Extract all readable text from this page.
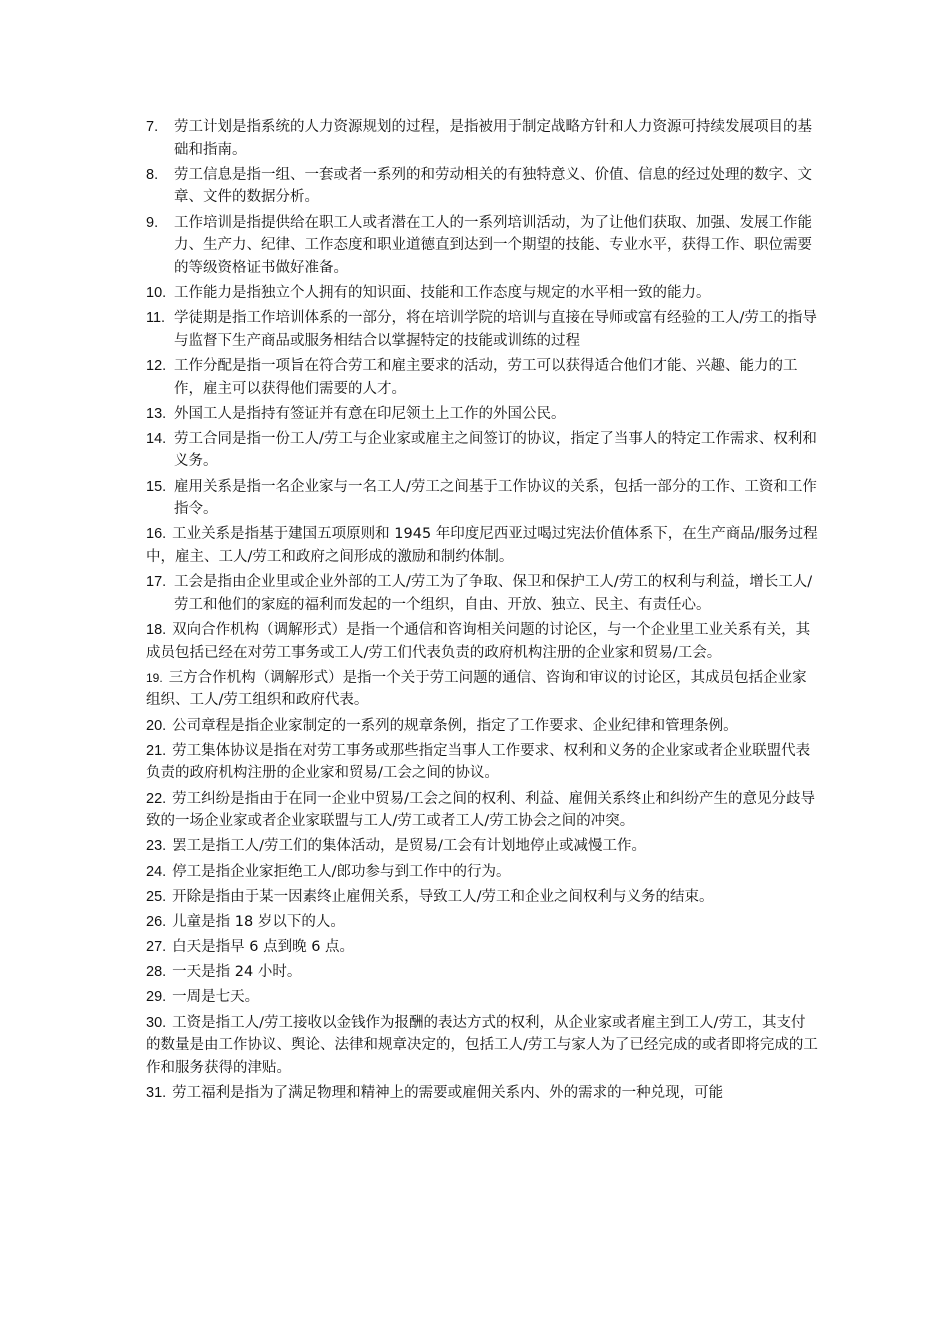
7. 劳工计划是指系统的人力资源规划的过程，是指被用于制定战略方针和人力资源可持续发展项目的基础和指南。

8. 劳工信息是指一组、一套或者一系列的和劳动相关的有独特意义、价值、信息的经过处理的数字、文章、文件的数据分析。

9. 工作培训是指提供给在职工人或者潜在工人的一系列培训活动，为了让他们获取、加强、发展工作能力、生产力、纪律、工作态度和职业道德直到达到一个期望的技能、专业水平，获得工作、职位需要的等级资格证书做好准备。

10. 工作能力是指独立个人拥有的知识面、技能和工作态度与规定的水平相一致的能力。

11. 学徒期是指工作培训体系的一部分，将在培训学院的培训与直接在导师或富有经验的工人/劳工的指导与监督下生产商品或服务相结合以掌握特定的技能或训练的过程

12. 工作分配是指一项旨在符合劳工和雇主要求的活动，劳工可以获得适合他们才能、兴趣、能力的工作，雇主可以获得他们需要的人才。

13. 外国工人是指持有签证并有意在印尼领土上工作的外国公民。

14. 劳工合同是指一份工人/劳工与企业家或雇主之间签订的协议，指定了当事人的特定工作需求、权利和义务。

15. 雇用关系是指一名企业家与一名工人/劳工之间基于工作协议的关系，包括一部分的工作、工资和工作指令。

16. 工业关系是指基于建国五项原则和 1945 年印度尼西亚过喝过宪法价值体系下，在生产商品/服务过程中，雇主、工人/劳工和政府之间形成的激励和制约体制。

17. 工会是指由企业里或企业外部的工人/劳工为了争取、保卫和保护工人/劳工的权利与利益，增长工人/劳工和他们的家庭的福利而发起的一个组织，自由、开放、独立、民主、有责任心。

18. 双向合作机构（调解形式）是指一个通信和咨询相关问题的讨论区，与一个企业里工业关系有关，其成员包括已经在对劳工事务或工人/劳工们代表负责的政府机构注册的企业家和贸易/工会。

19. 三方合作机构（调解形式）是指一个关于劳工问题的通信、咨询和审议的讨论区，其成员包括企业家组织、工人/劳工组织和政府代表。

20. 公司章程是指企业家制定的一系列的规章条例，指定了工作要求、企业纪律和管理条例。

21. 劳工集体协议是指在对劳工事务或那些指定当事人工作要求、权利和义务的企业家或者企业联盟代表负责的政府机构注册的企业家和贸易/工会之间的协议。

22. 劳工纠纷是指由于在同一企业中贸易/工会之间的权利、利益、雇佣关系终止和纠纷产生的意见分歧导致的一场企业家或者企业家联盟与工人/劳工或者工人/劳工协会之间的冲突。

23. 罢工是指工人/劳工们的集体活动，是贸易/工会有计划地停止或减慢工作。

24. 停工是指企业家拒绝工人/郎功参与到工作中的行为。

25. 开除是指由于某一因素终止雇佣关系，导致工人/劳工和企业之间权利与义务的结束。

26. 儿童是指 18 岁以下的人。

27. 白天是指早 6 点到晚 6 点。

28. 一天是指 24 小时。

29. 一周是七天。

30. 工资是指工人/劳工接收以金钱作为报酬的表达方式的权利，从企业家或者雇主到工人/劳工，其支付的数量是由工作协议、舆论、法律和规章决定的，包括工人/劳工与家人为了已经完成的或者即将完成的工作和服务获得的津贴。

31. 劳工福利是指为了满足物理和精神上的需要或雇佣关系内、外的需求的一种兑现，可能
